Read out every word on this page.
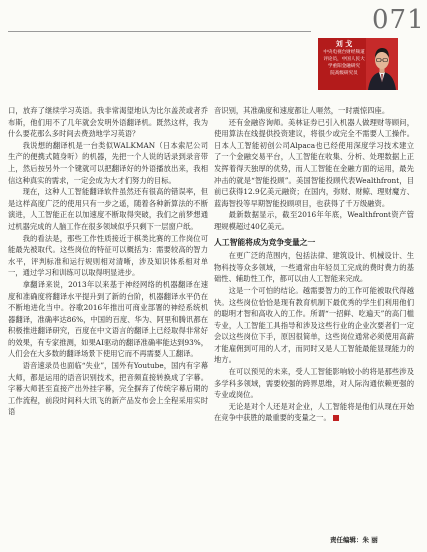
071
刘 戈
中央电视台财经频道
评论员，中国人民大
学重阳金融研究
院高级研究员

口，放弃了继续学习英语。我非常渴望地认为比尔盖茨或者乔布斯，他们用不了几年就会发明外语翻译机。既然这样，我为什么要花那么多时间去费劲地学习英语？

我说想的翻译机是一台类似WALKMAN（日本索尼公司生产的便携式随身听）的机器，先把一个人说的话录到录音带上，然后按另外一个键就可以把翻译好的外语播放出来，我相信这种真实的需求，一定会成为大才们努力的目标。

现在，这种人工智能翻译软件虽然还有很高的错误率，但是这样高度广泛的使用只有一步之遥，随着各种新算法的不断演进，人工智能正在以加速度不断取得突破，我们之前梦想通过机器完成的人脑工作在很多领域似乎只剩下一层窗户纸。

我的看法是，那些工作性质接近于棋类比赛的工作岗位可能最先被取代。这些岗位的特征可以概括为：需要较高的智力水平，评判标准和运行规则相对清晰，涉及知识体系相对单一，通过学习和训练可以取得明显进步。

拿翻译来说，2013年以来基于神经网络的机器翻译在速度和准确度将翻译水平提升到了新的台阶，机器翻译水平仍在不断地进化当中。谷歌2016年推出可商业部署的神经系统机器翻译，准确率达86%，中国的百度、华为、阿里和腾讯都在积极推进翻译研究，百度在中文语言的翻译上已经取得非常好的效果，有专家推测，如果AI驱动的翻译准确率能达到93%，人们会在大多数的翻译场景下使用它而不再需要人工翻译。

语音速录员也面临“失业”，国外有Youtube，国内有字幕大师，都是运用的语音识别技术，把音频直接转换成了字幕。字幕大师甚至直接产出外挂字幕，完全摒弃了传统字幕后期的工作流程，前段时间科大讯飞的新产品发布会上全程采用实时语

音识别，其准确度和速度都让人咂然，一时震惊四座。

还有金融咨询师。美林证券已引入机器人做理财等顾问，使用算法在线提供投资建议，将很少或完全不需要人工操作。日本人工智能初创公司Alpaca也已经使用深度学习技术建立了一个金融交易平台，人工智能在收集、分析、处理数据上正发挥着得天独厚的优势，而人工智能在金融方面的运用，最先冲击的就是“智能投顾”。美国智能投顾代表Wealthfront，目前已获得12.9亿美元融资；在国内，弥财、财鲸、理财魔方、蓝海智投等早期智能投顾项目，也获得了千万级融资。

最新数据显示，截至2016年年底，Wealthfront资产管理规模超过40亿美元。

人工智能将成为竞争变量之一

在更广泛的范围内，包括法律、建筑设计、机械设计、生物科技等众多领域，一些通常由年轻员工完成的费时费力的基础性、辅助性工作，都可以由人工智能来完成。

这是一个可怕的结论。越需要智力的工作可能被取代得越快。这些岗位恰恰是现有教育机制下最优秀的学生们利用他们的聪明才智和高收入的工作。所谓“一招鲜、吃遍天”的高门槛专业，人工智能工具指导和涉及这些行业的企业次要者们一定会以这些岗位下手，原因很简单，这些岗位通常必须使用高薪才能雇佣到可用的人才，而同时又是人工智能最能显现能力的地方。

在可以预见的未来，受人工智能影响较小的将是那些涉及多学科多领域，需要较强的跨界思维，对人际沟通依赖更强的专业或岗位。

无论是对个人还是对企业，人工智能将是他们从现在开始在竞争中获胜的最重要的变量之一。

责任编辑：朱 丽
